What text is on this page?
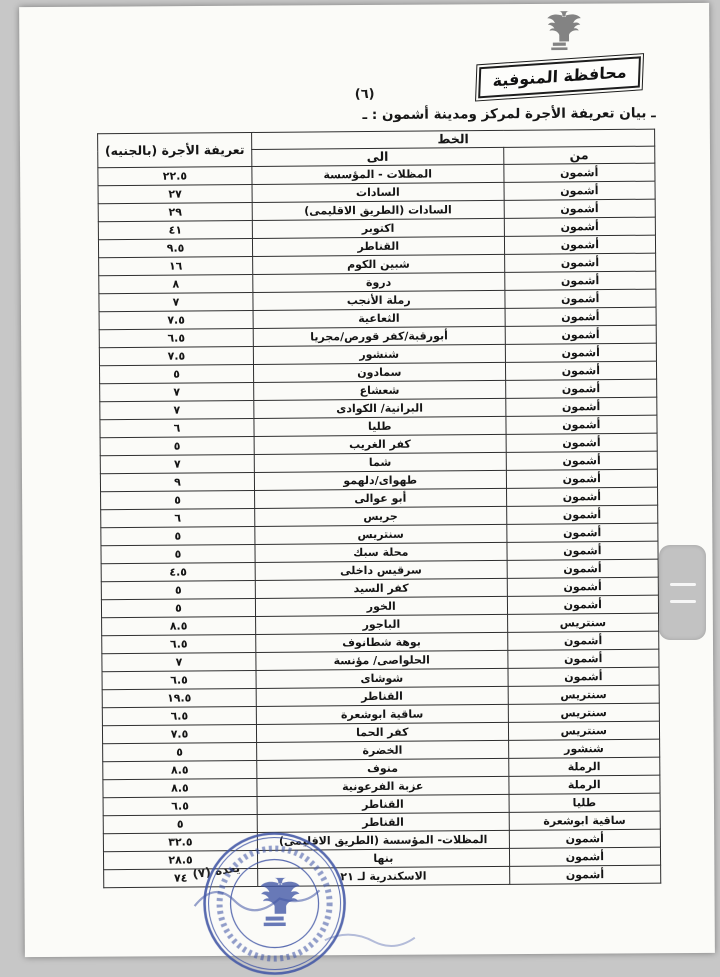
محافظة المنوفية
(٦)
ـ بيان تعريفة الأجرة لمركز ومدينة أشمون : ـ
الخط		تعريفة الأجرة (بالجنيه)
من	الى	
أشمون	المظلات - المؤسسة	٢٢.٥
أشمون	السادات	٢٧
أشمون	السادات (الطريق الاقليمى)	٢٩
أشمون	اكتوبر	٤١
أشمون	القناطر	٩.٥
أشمون	شبين الكوم	١٦
أشمون	دروة	٨
أشمون	رملة الأنجب	٧
أشمون	الثعاعية	٧.٥
أشمون	أبورقبة/كفر قورص/مجريا	٦.٥
أشمون	شنشور	٧.٥
أشمون	سمادون	٥
أشمون	شعشاع	٧
أشمون	البرانية/ الكوادى	٧
أشمون	طليا	٦
أشمون	كفر الغريب	٥
أشمون	شما	٧
أشمون	طهواى/دلهمو	٩
أشمون	أبو عوالى	٥
أشمون	جريس	٦
أشمون	سنتريس	٥
أشمون	محلة سبك	٥
أشمون	سرقيس داخلى	٤.٥
أشمون	كفر السيد	٥
أشمون	الخور	٥
سنتريس	الباجور	٨.٥
أشمون	بوهة شطانوف	٦.٥
أشمون	الحلواصى/ مؤنسة	٧
أشمون	شوشاى	٦.٥
سنتريس	القناطر	١٩.٥
سنتريس	ساقية ابوشعرة	٦.٥
سنتريس	كفر الحما	٧.٥
شنشور	الخضرة	٥
الرملة	منوف	٨.٥
الرملة	عزبة الفرعونية	٨.٥
طليا	القناطر	٦.٥
ساقية ابوشعرة	القناطر	٥
أشمون	المظلات- المؤسسة (الطريق الاقليمى)	٣٢.٥
أشمون	بنها	٢٨.٥
أشمون	الاسكندرية لـ ٢١	٧٤ يعده (٧)
